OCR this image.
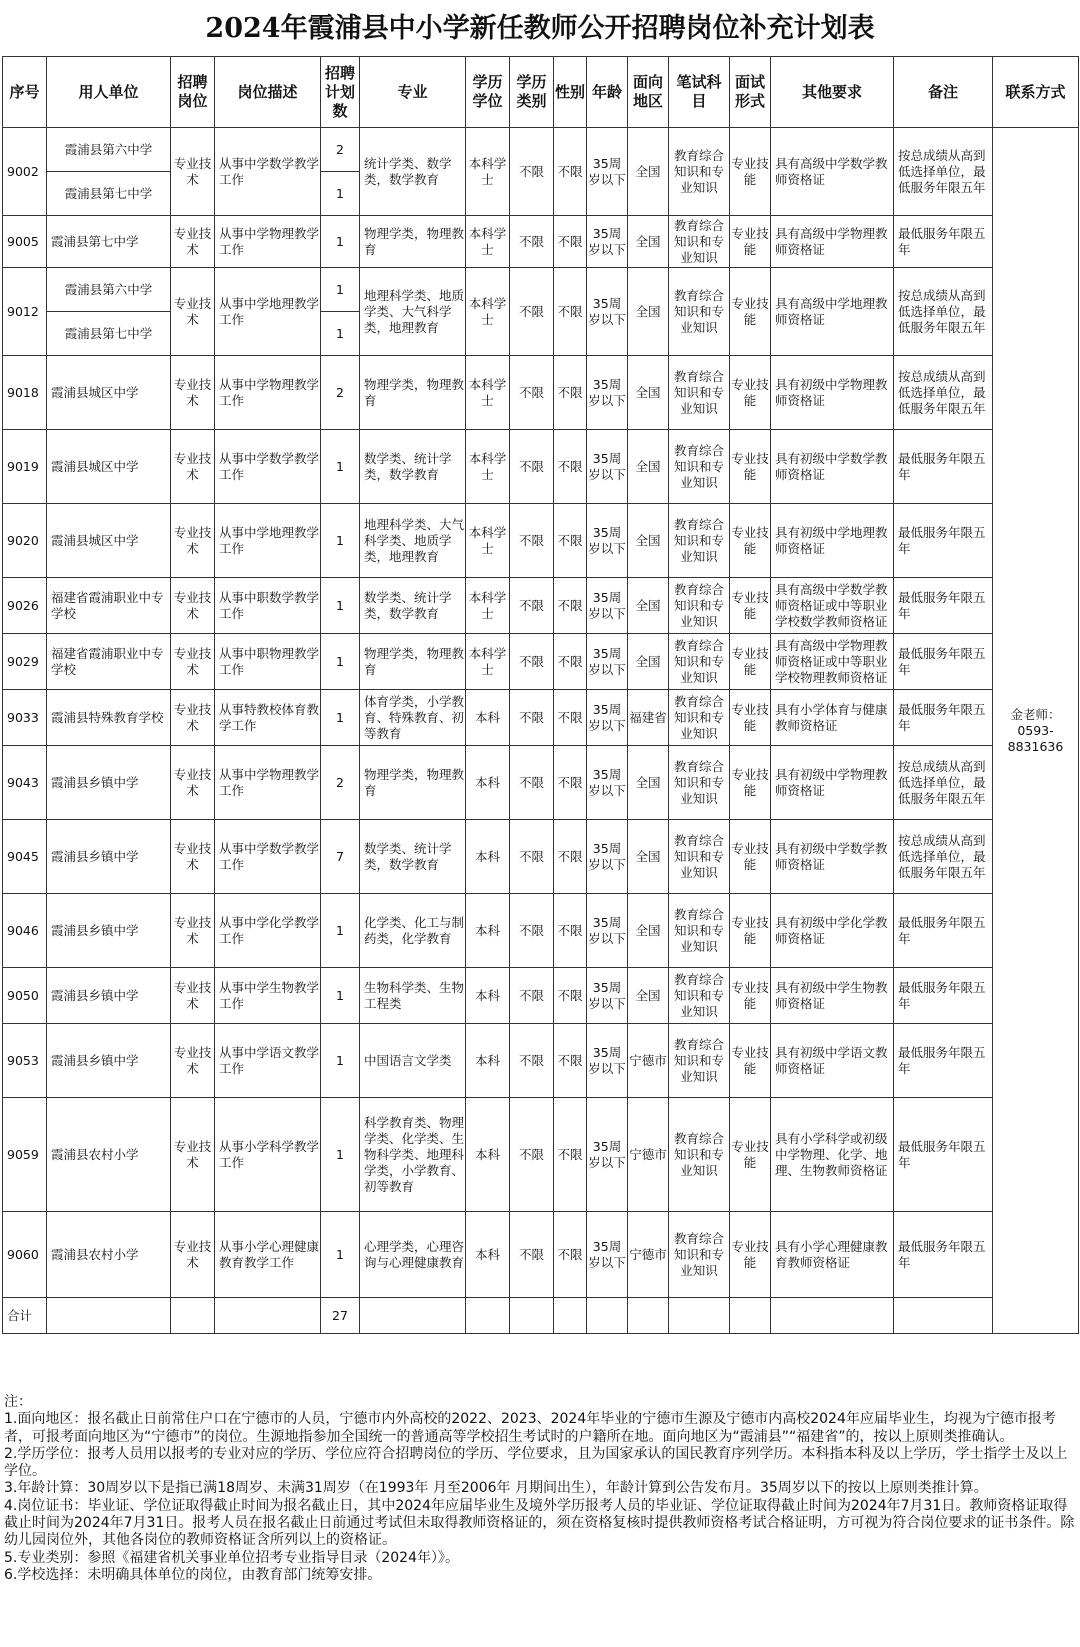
2024年霞浦县中小学新任教师公开招聘岗位补充计划表
序号	用人单位	招聘岗位	岗位描述	招聘计划数	专业	学历学位	学历类别	性别	年龄	面向地区	笔试科目	面试形式	其他要求	备注	联系方式
9002	霞浦县第六中学	专业技术	从事中学数学教学工作	2	统计学类、数学类，数学教育	本科学士	不限	不限	35周岁以下	全国	教育综合知识和专业知识	专业技能	具有高级中学数学教师资格证	按总成绩从高到低选择单位，最低服务年限五年	金老师：0593-8831636
	霞浦县第七中学			1											
9005	霞浦县第七中学	专业技术	从事中学物理教学工作	1	物理学类，物理教育	本科学士	不限	不限	35周岁以下	全国	教育综合知识和专业知识	专业技能	具有高级中学物理教师资格证	最低服务年限五年	
9012	霞浦县第六中学	专业技术	从事中学地理教学工作	1	地理科学类、地质学类、大气科学类，地理教育	本科学士	不限	不限	35周岁以下	全国	教育综合知识和专业知识	专业技能	具有高级中学地理教师资格证	按总成绩从高到低选择单位，最低服务年限五年	
	霞浦县第七中学			1											
9018	霞浦县城区中学	专业技术	从事中学物理教学工作	2	物理学类，物理教育	本科学士	不限	不限	35周岁以下	全国	教育综合知识和专业知识	专业技能	具有初级中学物理教师资格证	按总成绩从高到低选择单位，最低服务年限五年	
9019	霞浦县城区中学	专业技术	从事中学数学教学工作	1	数学类、统计学类，数学教育	本科学士	不限	不限	35周岁以下	全国	教育综合知识和专业知识	专业技能	具有初级中学数学教师资格证	最低服务年限五年	
9020	霞浦县城区中学	专业技术	从事中学地理教学工作	1	地理科学类、大气科学类、地质学类，地理教育	本科学士	不限	不限	35周岁以下	全国	教育综合知识和专业知识	专业技能	具有初级中学地理教师资格证	最低服务年限五年	
9026	福建省霞浦职业中专学校	专业技术	从事中职数学教学工作	1	数学类、统计学类，数学教育	本科学士	不限	不限	35周岁以下	全国	教育综合知识和专业知识	专业技能	具有高级中学数学教师资格证或中等职业学校数学教师资格证	最低服务年限五年	
9029	福建省霞浦职业中专学校	专业技术	从事中职物理教学工作	1	物理学类，物理教育	本科学士	不限	不限	35周岁以下	全国	教育综合知识和专业知识	专业技能	具有高级中学物理教师资格证或中等职业学校物理教师资格证	最低服务年限五年	
9033	霞浦县特殊教育学校	专业技术	从事特教校体育教学工作	1	体育学类，小学教育、特殊教育、初等教育	本科	不限	不限	35周岁以下	福建省	教育综合知识和专业知识	专业技能	具有小学体育与健康教师资格证	最低服务年限五年	
9043	霞浦县乡镇中学	专业技术	从事中学物理教学工作	2	物理学类，物理教育	本科	不限	不限	35周岁以下	全国	教育综合知识和专业知识	专业技能	具有初级中学物理教师资格证	按总成绩从高到低选择单位，最低服务年限五年	
9045	霞浦县乡镇中学	专业技术	从事中学数学教学工作	7	数学类、统计学类，数学教育	本科	不限	不限	35周岁以下	全国	教育综合知识和专业知识	专业技能	具有初级中学数学教师资格证	按总成绩从高到低选择单位，最低服务年限五年	
9046	霞浦县乡镇中学	专业技术	从事中学化学教学工作	1	化学类、化工与制药类，化学教育	本科	不限	不限	35周岁以下	全国	教育综合知识和专业知识	专业技能	具有初级中学化学教师资格证	最低服务年限五年	
9050	霞浦县乡镇中学	专业技术	从事中学生物教学工作	1	生物科学类、生物工程类	本科	不限	不限	35周岁以下	全国	教育综合知识和专业知识	专业技能	具有初级中学生物教师资格证	最低服务年限五年	
9053	霞浦县乡镇中学	专业技术	从事中学语文教学工作	1	中国语言文学类	本科	不限	不限	35周岁以下	宁德市	教育综合知识和专业知识	专业技能	具有初级中学语文教师资格证	最低服务年限五年	
9059	霞浦县农村小学	专业技术	从事小学科学教学工作	1	科学教育类、物理学类、化学类、生物科学类、地理科学类，小学教育、初等教育	本科	不限	不限	35周岁以下	宁德市	教育综合知识和专业知识	专业技能	具有小学科学或初级中学物理、化学、地理、生物教师资格证	最低服务年限五年	
9060	霞浦县农村小学	专业技术	从事小学心理健康教育教学工作	1	心理学类，心理咨询与心理健康教育	本科	不限	不限	35周岁以下	宁德市	教育综合知识和专业知识	专业技能	具有小学心理健康教育教师资格证	最低服务年限五年	
合计				27											
注：
1.面向地区：报名截止日前常住户口在宁德市的人员，宁德市内外高校的2022、2023、2024年毕业的宁德市生源及宁德市内高校2024年应届毕业生，均视为宁德市报考者，可报考面向地区为“宁德市”的岗位。生源地指参加全国统一的普通高等学校招生考试时的户籍所在地。面向地区为“霞浦县”“福建省”的，按以上原则类推确认。
2.学历学位：报考人员用以报考的专业对应的学历、学位应符合招聘岗位的学历、学位要求，且为国家承认的国民教育序列学历。本科指本科及以上学历，学士指学士及以上学位。
3.年龄计算：30周岁以下是指已满18周岁、未满31周岁（在1993年 月至2006年 月期间出生），年龄计算到公告发布月。35周岁以下的按以上原则类推计算。
4.岗位证书：毕业证、学位证取得截止时间为报名截止日，其中2024年应届毕业生及境外学历报考人员的毕业证、学位证取得截止时间为2024年7月31日。教师资格证取得截止时间为2024年7月31日。报考人员在报名截止日前通过考试但未取得教师资格证的，须在资格复核时提供教师资格考试合格证明，方可视为符合岗位要求的证书条件。除幼儿园岗位外，其他各岗位的教师资格证含所列以上的资格证。
5.专业类别：参照《福建省机关事业单位招考专业指导目录（2024年）》。
6.学校选择：未明确具体单位的岗位，由教育部门统筹安排。
